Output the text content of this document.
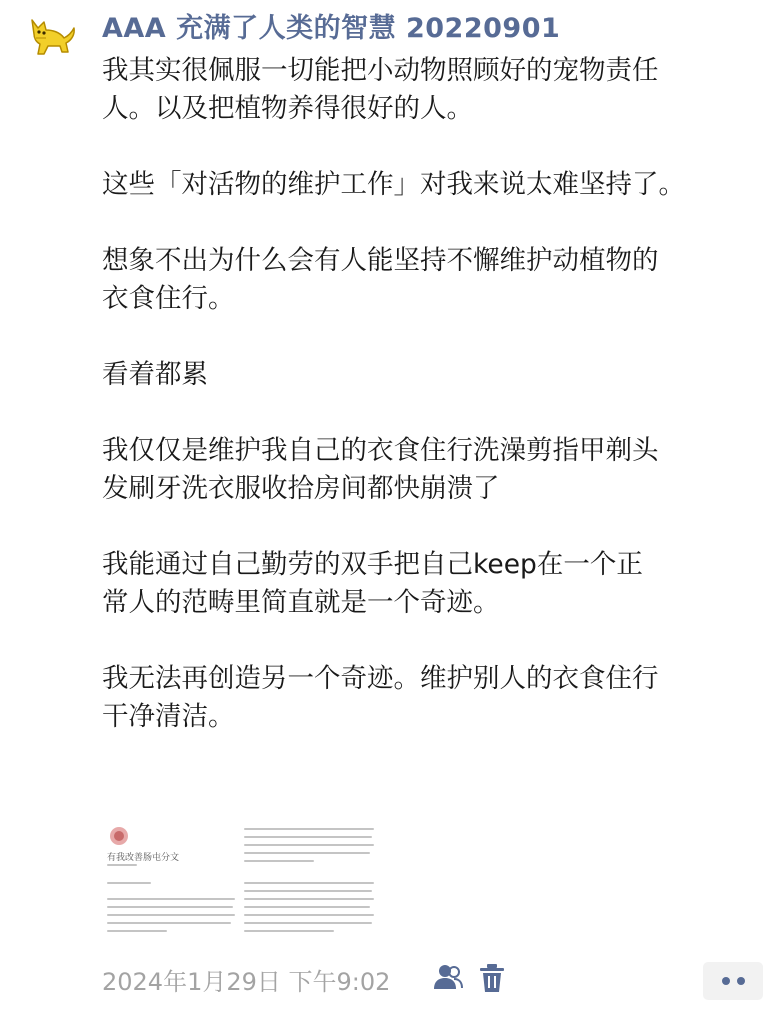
AAA 充满了人类的智慧 20220901
我其实很佩服一切能把小动物照顾好的宠物责任
人。以及把植物养得很好的人。
这些「对活物的维护工作」对我来说太难坚持了。
想象不出为什么会有人能坚持不懈维护动植物的
衣食住行。
看着都累
我仅仅是维护我自己的衣食住行洗澡剪指甲剃头
发刷牙洗衣服收拾房间都快崩溃了
我能通过自己勤劳的双手把自己keep在一个正
常人的范畴里简直就是一个奇迹。
我无法再创造另一个奇迹。维护别人的衣食住行
干净清洁。
有我改善肠屯分文
2024年1月29日 下午9:02
